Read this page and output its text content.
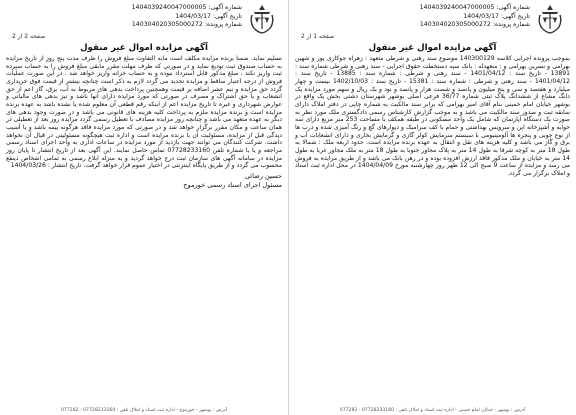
شماره آگهی: 1404039240047000005
تاریخ آگهی: 1404/03/17
شماره پرونده: 140304020305000272
صفحه 1 از 2
آگهی مزایده اموال غیر منقول
بموجب پرونده اجرایی کلاسه 140300129 موضوع سند رهنی و شرطی متعهد : زهراه جوکاری پور و شهین بهرامی و نسرین بهرامی و : متعهدله : بانک سپه دستخطت حقوق اجرایی - سند رهنی و شرطی شماره سند : 13891 - تاریخ سند : 1401/04/12 - سند رهنی و شرطی : شماره سند : 13885 - تاریخ سند : 1401/04/12 - سند رهنی و شرطی : شماره سند : 15381 - تاریخ سند : 1402/10/03 بیست و چهار میلیارد و هفتصد و سی و پنج میلیون و پانصد و شصت هزار و پانصد و نود و یک ریال و سهم مورد مزایده یک دانگ مشاع از ششدانگ پلاک ثبتی شماره 36/77 فرعی اصلی بوشهر شهرستان دشتی بخش یک واقع در بوشهر خیابان امام خمینی بنام آقای امیر بهرامی که برابر سند مالکیت به شماره چاپی در دفتر املاک دارای سابقه ثبت و صدور سند مالکیت می باشد و به موجب گزارش کارشناس رسمی دادگستری ملک مورد نظر به صورت یک دستگاه آپارتمان که شامل یک واحد مسکونی در طبقه همکف با مساحت 253 متر مربع دارای سه خوابه و آشپزخانه اپن و سرویس بهداشتی و حمام با کف سرامیک و دیوارهای گچ و رنگ آمیزی شده و درب ها از نوع چوبی و پنجره ها آلومینیومی با سیستم سرمایش کولر گازی و گرمایش بخاری و دارای انشعابات آب و برق و گاز می باشد و کلیه هزینه های نقل و انتقال به عهده برنده مزایده است. حدود اربعه ملک : شمالا به طول 18 متر به کوچه شرقا به طول 14 متر به پلاک مجاور جنوبا به طول 18 متر به ملک مجاور غربا به طول 14 متر به خیابان و ملک مذکور فاقد ارزش افزوده بوده و در رهن بانک می باشد و از طریق مزایده به فروش می رسد و مزایده از ساعت 9 صبح الی 12 ظهر روز چهارشنبه مورخ 1404/04/09 در محل اداره ثبت اسناد و املاک برگزار می گردد.
آدرس : بوشهر - خیابان امام خمینی - اداره ثبت اسناد و املاک تلفن : 07728233160 - 077282
شماره آگهی: 1404039240047000005
تاریخ آگهی: 1404/03/17
شماره پرونده: 140304020305000272
صفحه 2 از 2
آگهی مزایده اموال غیر منقول
تسلیم نماید. ضمنا برنده مزایده مکلف است مابه التفاوت مبلغ فروش را ظرف مدت پنج روز از تاریخ مزایده به حساب صندوق ثبت تودیع نماید و در صورتی که ظرف مهلت مقرر مابقی مبلغ فروش را به حساب سپرده ثبت واریز نکند ، مبلغ مذکور قابل استرداد نبوده و به حساب خزانه واریز خواهد شد . در این صورت عملیات فروش از درجه اعتبار ساقط و مزایده تجدید می گردد لازم به ذکر است چنانچه بیشتر از قیمت فوق خریداری گردد حق مزایده و نیم عشر اضافه بر قیمت وهمچنین پرداخت بدهی های مربوط به آب، برق، گاز اعم از حق انشعاب و یا حق اشتراک و مصرف در صورتی که مورد مزایده دارای آنها باشد و نیز بدهی های مالیاتی و عوارض شهرداری و غیره تا تاریخ مزایده اعم از اینکه رقم قطعی آن معلوم شده یا نشده باشد به عهده برنده مزایده است و برنده مزایده ملزم به پرداخت کلیه هزینه های قانونی می باشد و در صورت وجود بدهی های دیگر به عهده متعهد می باشد و چنانچه روز مزایده مصادف با تعطیل رسمی گردد مزایده روز بعد از تعطیلی در همان ساعت و مکان مقرر برگزار خواهد شد و در صورتی که مورد مزایده فاقد هرگونه بیمه باشد و یا آسیب دیدگی قبل از مزایده، مسئولیت آن با برنده مزایده است و اداره ثبت هیچگونه مسئولیتی در قبال آن نخواهد داشت. شرکت کنندگان می توانند جهت بازدید از مورد مزایده در ساعات اداری به واحد اجرای اسناد رسمی مراجعه و یا با شماره تلفن 07728233160 تماس حاصل نمایند. این آگهی بعد از تاریخ انتشار تا پایان روز مزایده در سامانه آگهی های سازمان ثبت درج خواهد گردید و به منزله ابلاغ رسمی به تمامی اشخاص ذینفع محسوب می گردد و از طریق پایگاه اینترنتی در اختیار عموم قرار خواهد گرفت. تاریخ انتشار : 1404/03/26
حسین رضائی
مسئول اجرای اسناد رسمی خورموج
آدرس : بوشهر - خورموج - اداره ثبت اسناد و املاک تلفن : 07728233160 - 077282
